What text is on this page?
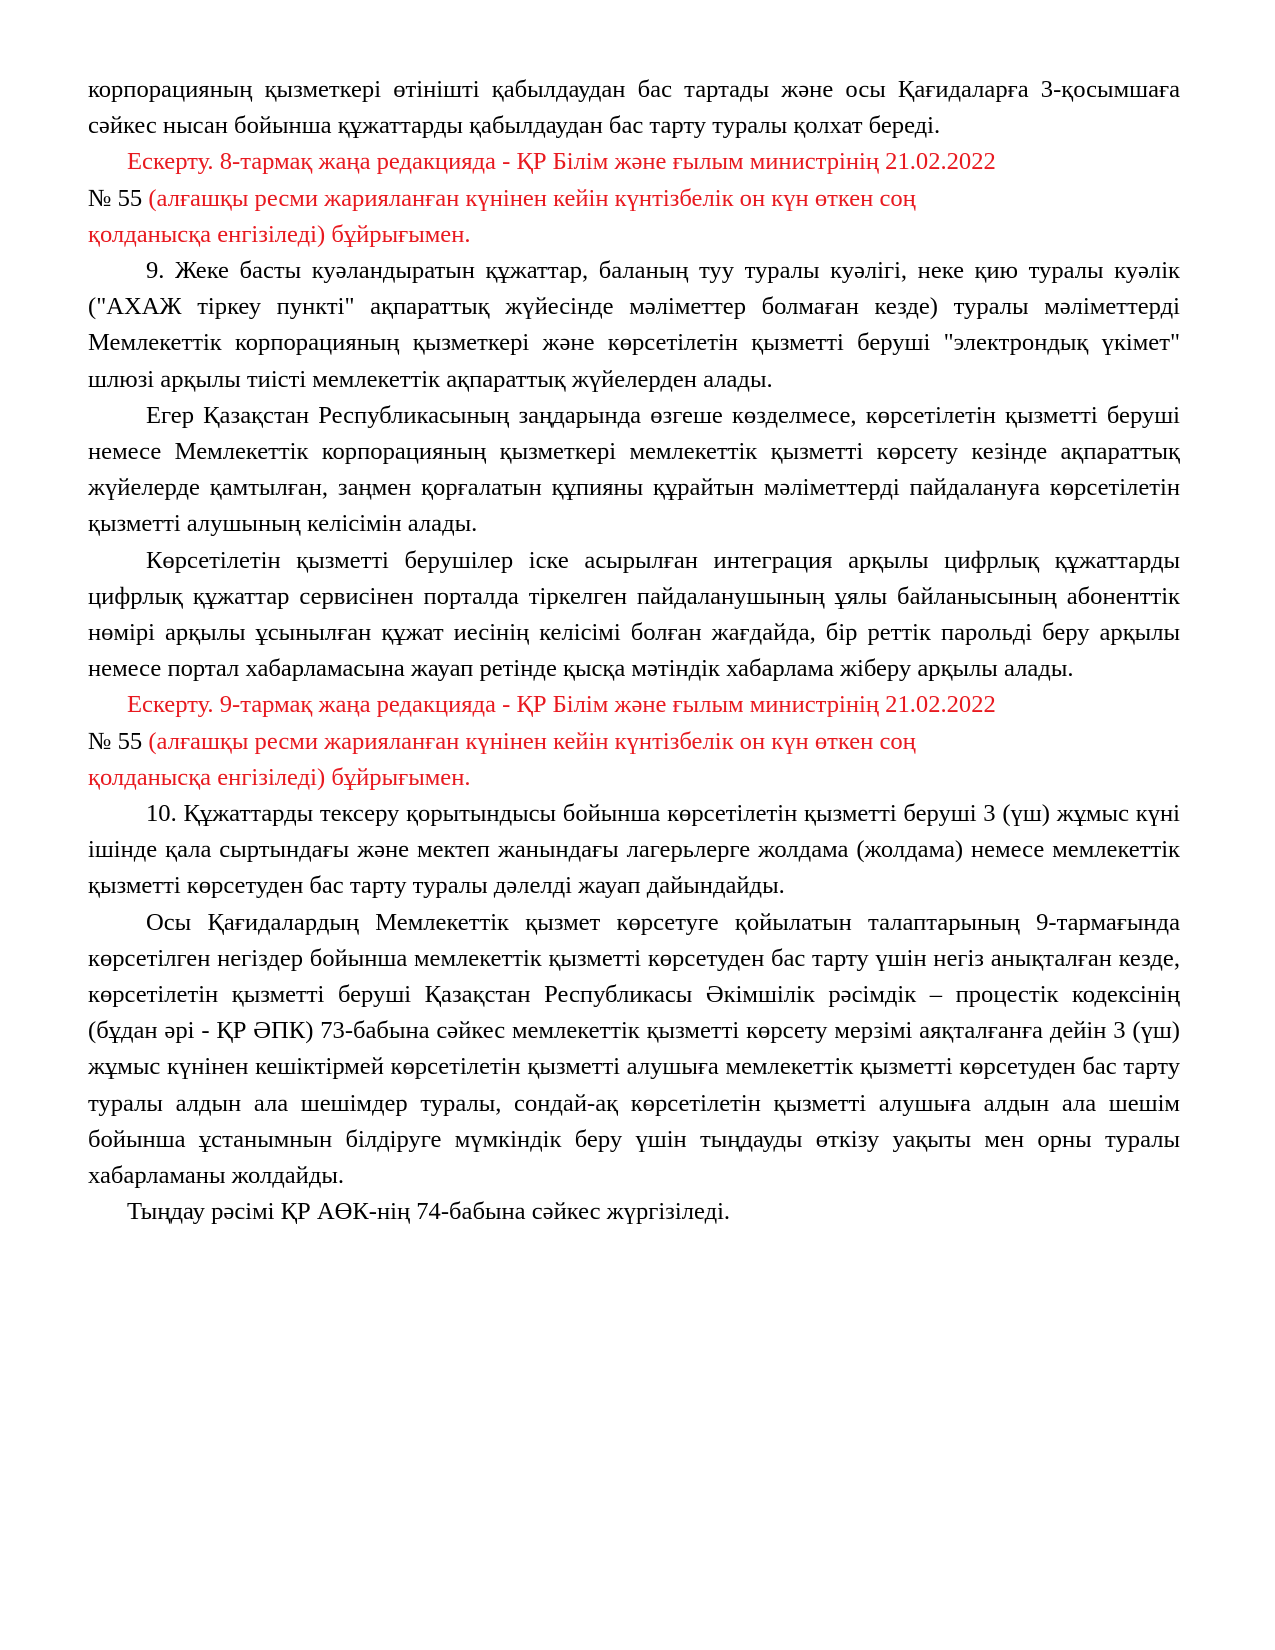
корпорацияның қызметкері өтінішті қабылдаудан бас тартады және осы Қағидаларға 3-қосымшаға сәйкес нысан бойынша құжаттарды қабылдаудан бас тарту туралы қолхат береді.

Ескерту. 8-тармақ жаңа редакцияда - ҚР Білім және ғылым министрінің 21.02.2022
№ 55 (алғашқы ресми жарияланған күнінен кейін күнтізбелік он күн өткен соң
қолданысқа енгізіледі) бұйрығымен.

9. Жеке басты куәландыратын құжаттар, баланың туу туралы куәлігі, неке қию туралы куәлік ("АХАЖ тіркеу пункті" ақпараттық жүйесінде мәліметтер болмаған кезде) туралы мәліметтерді Мемлекеттік корпорацияның қызметкері және көрсетілетін қызметті беруші "электрондық үкімет" шлюзі арқылы тиісті мемлекеттік ақпараттық жүйелерден алады.

Егер Қазақстан Республикасының заңдарында өзгеше көзделмесе, көрсетілетін қызметті беруші немесе Мемлекеттік корпорацияның қызметкері мемлекеттік қызметті көрсету кезінде ақпараттық жүйелерде қамтылған, заңмен қорғалатын құпияны құрайтын мәліметтерді пайдалануға көрсетілетін қызметті алушының келісімін алады.

Көрсетілетін қызметті берушілер іске асырылған интеграция арқылы цифрлық құжаттарды цифрлық құжаттар сервисінен порталда тіркелген пайдаланушының ұялы байланысының абоненттік нөмірі арқылы ұсынылған құжат иесінің келісімі болған жағдайда, бір реттік парольді беру арқылы немесе портал хабарламасына жауап ретінде қысқа мәтіндік хабарлама жіберу арқылы алады.

Ескерту. 9-тармақ жаңа редакцияда - ҚР Білім және ғылым министрінің 21.02.2022
№ 55 (алғашқы ресми жарияланған күнінен кейін күнтізбелік он күн өткен соң
қолданысқа енгізіледі) бұйрығымен.

10. Құжаттарды тексеру қорытындысы бойынша көрсетілетін қызметті беруші 3 (үш) жұмыс күні ішінде қала сыртындағы және мектеп жанындағы лагерьлерге жолдама (жолдама) немесе мемлекеттік қызметті көрсетуден бас тарту туралы дәлелді жауап дайындайды.

Осы Қағидалардың Мемлекеттік қызмет көрсетуге қойылатын талаптарының 9-тармағында көрсетілген негіздер бойынша мемлекеттік қызметті көрсетуден бас тарту үшін негіз анықталған кезде, көрсетілетін қызметті беруші Қазақстан Республикасы Әкімшілік рәсімдік – процестік кодексінің (бұдан әрі - ҚР ӘПК) 73-бабына сәйкес мемлекеттік қызметті көрсету мерзімі аяқталғанға дейін 3 (үш) жұмыс күнінен кешіктірмей көрсетілетін қызметті алушыға мемлекеттік қызметті көрсетуден бас тарту туралы алдын ала шешімдер туралы, сондай-ақ көрсетілетін қызметті алушыға алдын ала шешім бойынша ұстанымнын білдіруге мүмкіндік беру үшін тыңдауды өткізу уақыты мен орны туралы хабарламаны жолдайды.

Тыңдау рәсімі ҚР АӨК-нің 74-бабына сәйкес жүргізіледі.
